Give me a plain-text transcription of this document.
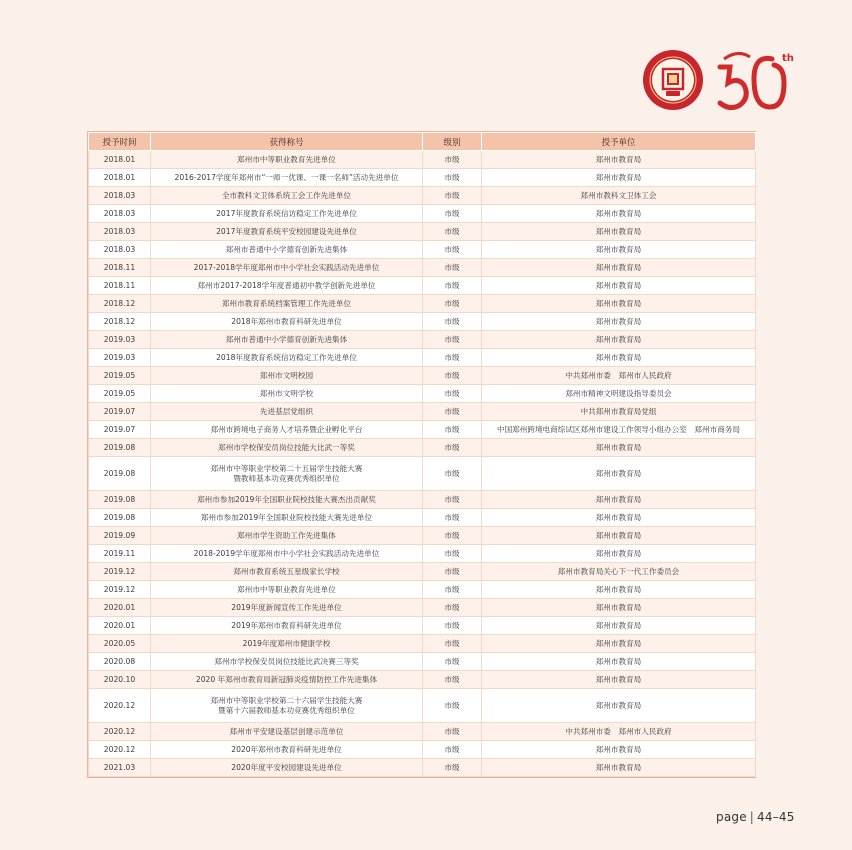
th
授予时间	获得称号	级别	授予单位
2018.01	郑州市中等职业教育先进单位	市级	郑州市教育局
2018.01	2016-2017学度年郑州市“一师一优课、一课一名师”活动先进单位	市级	郑州市教育局
2018.03	全市教科文卫体系统工会工作先进单位	市级	郑州市教科文卫体工会
2018.03	2017年度教育系统信访稳定工作先进单位	市级	郑州市教育局
2018.03	2017年度教育系统平安校园建设先进单位	市级	郑州市教育局
2018.03	郑州市普通中小学德育创新先进集体	市级	郑州市教育局
2018.11	2017-2018学年度郑州市中小学社会实践活动先进单位	市级	郑州市教育局
2018.11	郑州市2017-2018学年度普通初中教学创新先进单位	市级	郑州市教育局
2018.12	郑州市教育系统档案管理工作先进单位	市级	郑州市教育局
2018.12	2018年郑州市教育科研先进单位	市级	郑州市教育局
2019.03	郑州市普通中小学德育创新先进集体	市级	郑州市教育局
2019.03	2018年度教育系统信访稳定工作先进单位	市级	郑州市教育局
2019.05	郑州市文明校园	市级	中共郑州市委　郑州市人民政府
2019.05	郑州市文明学校	市级	郑州市精神文明建设指导委员会
2019.07	先进基层党组织	市级	中共郑州市教育局党组
2019.07	郑州市跨境电子商务人才培养暨企业孵化平台	市级	中国郑州跨境电商综试区郑州市建设工作领导小组办公室　郑州市商务局
2019.08	郑州市学校保安员岗位技能大比武一等奖	市级	郑州市教育局
2019.08	郑州市中等职业学校第二十五届学生技能大赛
暨教师基本功竞赛优秀组织单位	市级	郑州市教育局
2019.08	郑州市参加2019年全国职业院校技能大赛杰出贡献奖	市级	郑州市教育局
2019.08	郑州市参加2019年全国职业院校技能大赛先进单位	市级	郑州市教育局
2019.09	郑州市学生资助工作先进集体	市级	郑州市教育局
2019.11	2018-2019学年度郑州市中小学社会实践活动先进单位	市级	郑州市教育局
2019.12	郑州市教育系统五星级家长学校	市级	郑州市教育局关心下一代工作委员会
2019.12	郑州市中等职业教育先进单位	市级	郑州市教育局
2020.01	2019年度新闻宣传工作先进单位	市级	郑州市教育局
2020.01	2019年郑州市教育科研先进单位	市级	郑州市教育局
2020.05	2019年度郑州市健康学校	市级	郑州市教育局
2020.08	郑州市学校保安员岗位技能比武决赛三等奖	市级	郑州市教育局
2020.10	2020 年郑州市教育局新冠肺炎疫情防控工作先进集体	市级	郑州市教育局
2020.12	郑州市中等职业学校第二十六届学生技能大赛
暨第十六届教师基本功竞赛优秀组织单位	市级	郑州市教育局
2020.12	郑州市平安建设基层创建示范单位	市级	中共郑州市委　郑州市人民政府
2020.12	2020年郑州市教育科研先进单位	市级	郑州市教育局
2021.03	2020年度平安校园建设先进单位	市级	郑州市教育局
page | 44–45
